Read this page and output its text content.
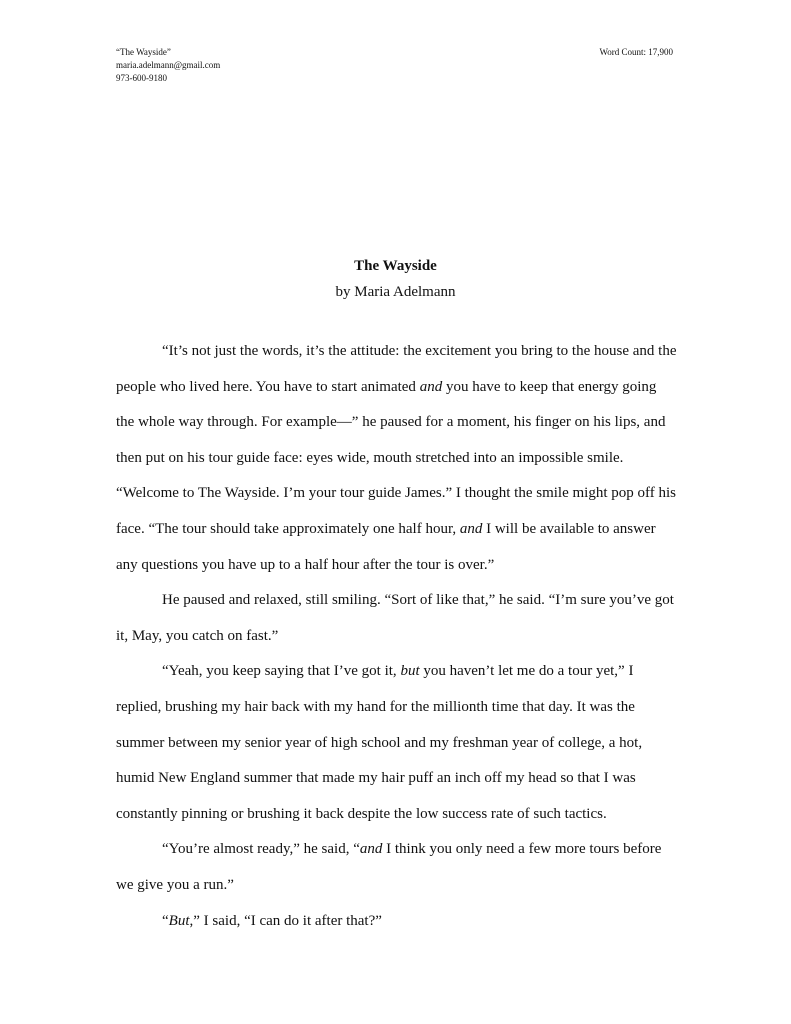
“The Wayside”
maria.adelmann@gmail.com
973-600-9180
Word Count: 17,900
The Wayside
by Maria Adelmann

“It’s not just the words, it’s the attitude: the excitement you bring to the house and the people who lived here. You have to start animated and you have to keep that energy going the whole way through. For example—” he paused for a moment, his finger on his lips, and then put on his tour guide face: eyes wide, mouth stretched into an impossible smile. “Welcome to The Wayside. I’m your tour guide James.” I thought the smile might pop off his face. “The tour should take approximately one half hour, and I will be available to answer any questions you have up to a half hour after the tour is over.”

He paused and relaxed, still smiling. “Sort of like that,” he said. “I’m sure you’ve got it, May, you catch on fast.”

“Yeah, you keep saying that I’ve got it, but you haven’t let me do a tour yet,” I replied, brushing my hair back with my hand for the millionth time that day. It was the summer between my senior year of high school and my freshman year of college, a hot, humid New England summer that made my hair puff an inch off my head so that I was constantly pinning or brushing it back despite the low success rate of such tactics.

“You’re almost ready,” he said, “and I think you only need a few more tours before we give you a run.”

“But,” I said, “I can do it after that?”
